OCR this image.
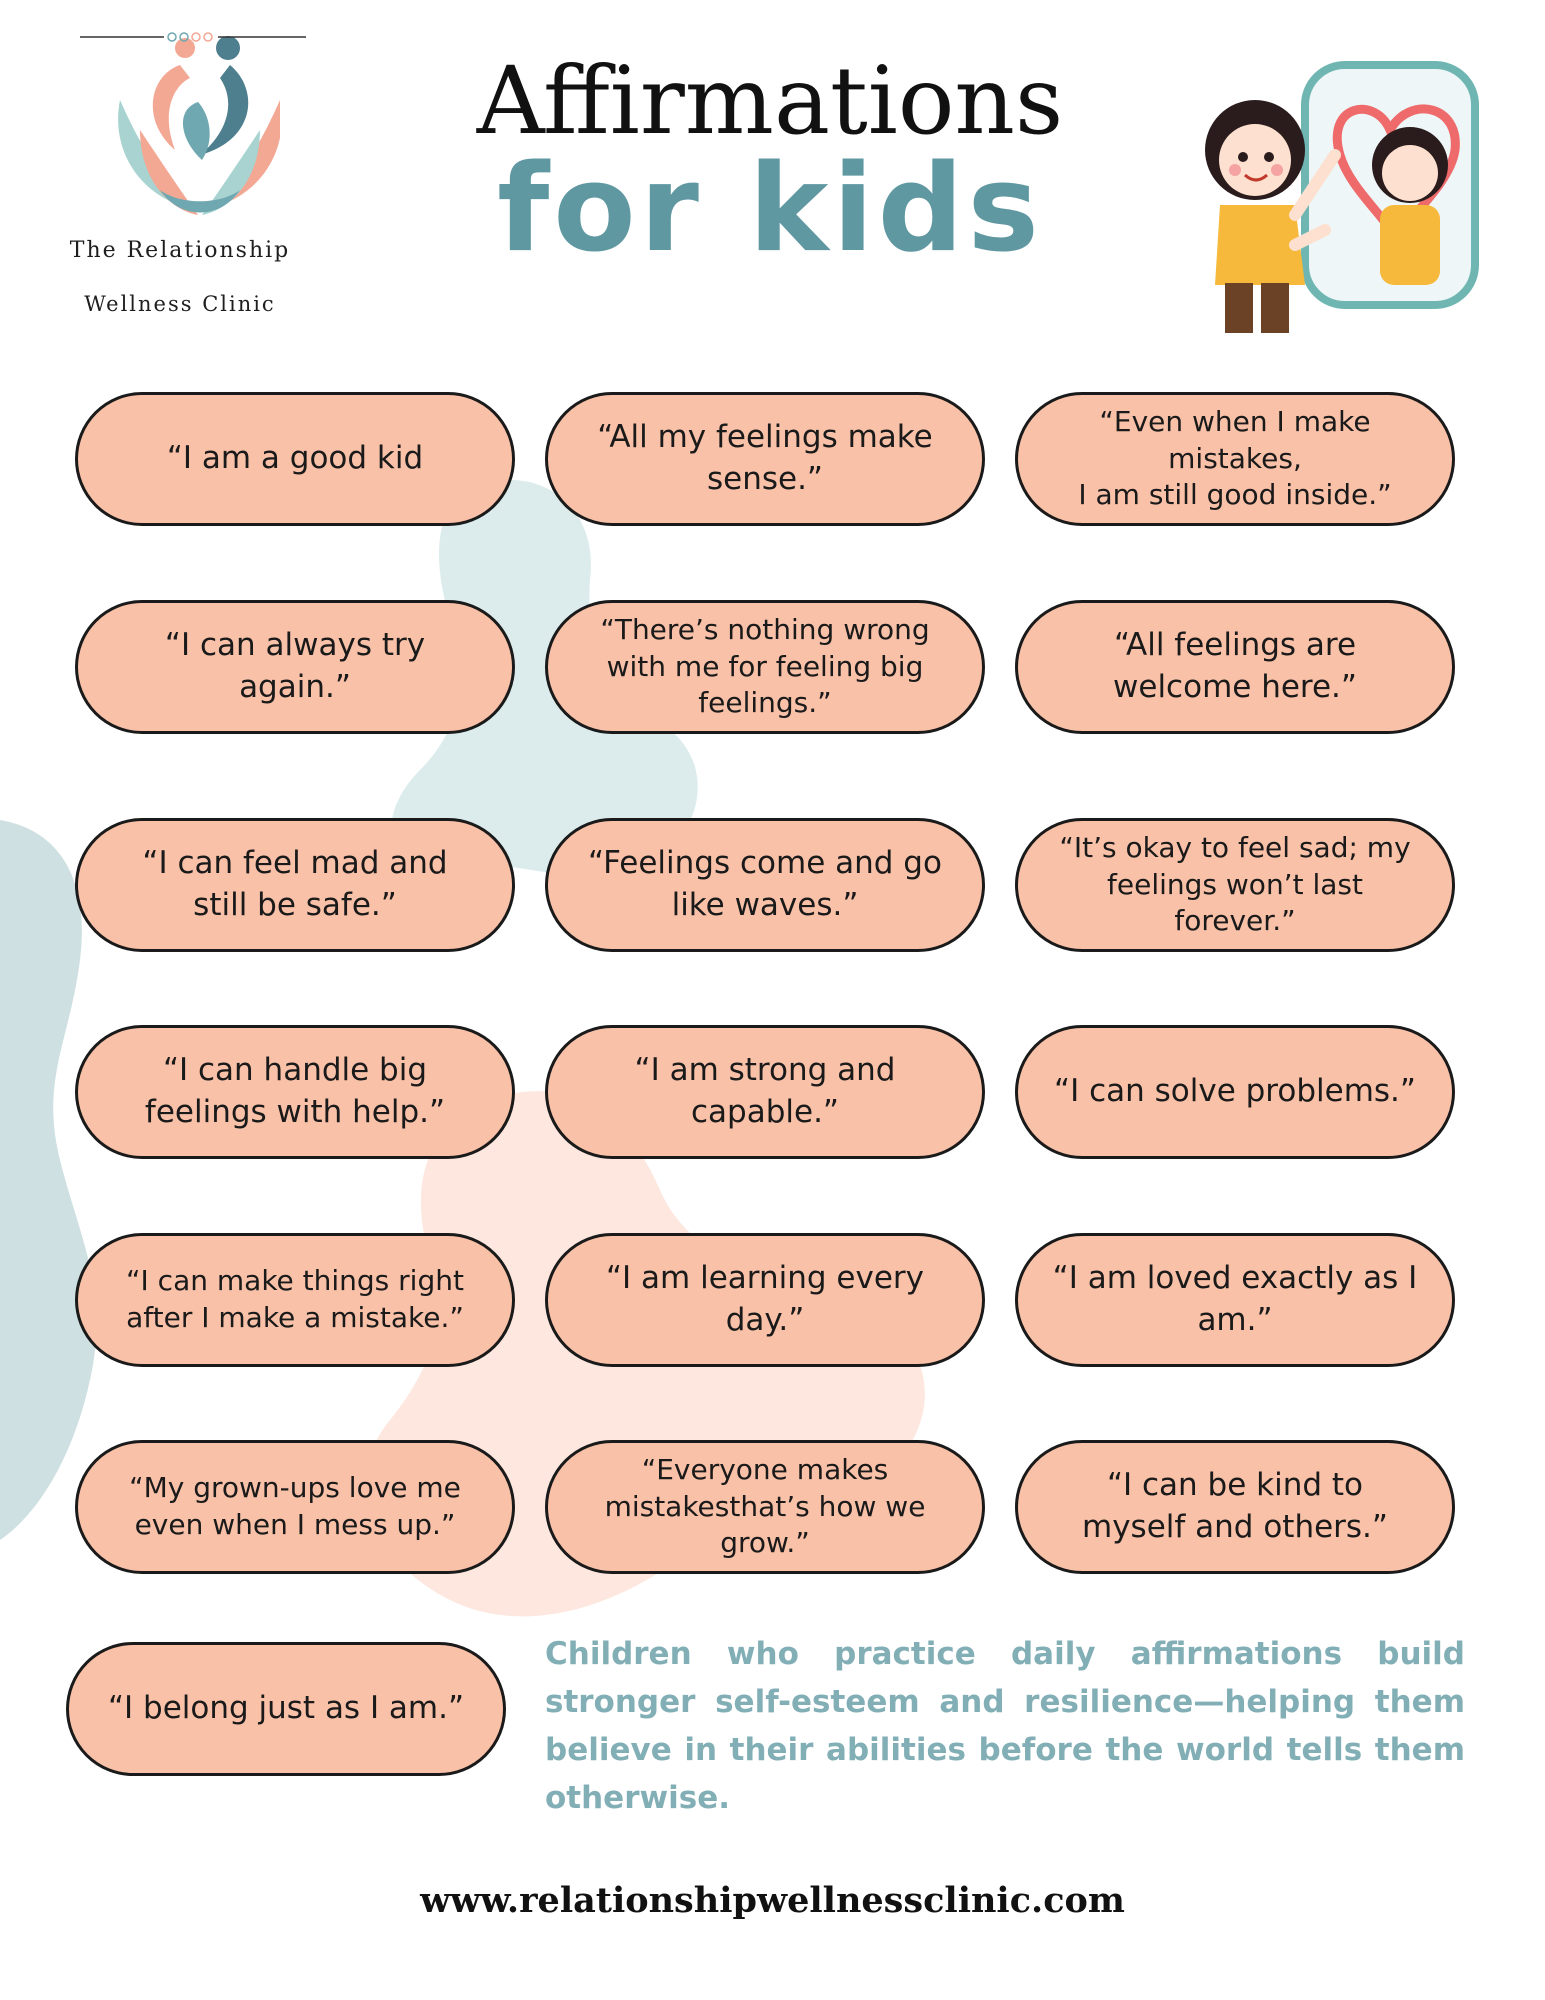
The Relationship
Wellness Clinic
Affirmations
for kids
“I am a good kid
“All my feelings make sense.”
“Even when I make mistakes,
I am still good inside.”
“I can always try again.”
“There’s nothing wrong with me for feeling big feelings.”
“All feelings are welcome here.”
“I can feel mad and still be safe.”
“Feelings come and go like waves.”
“It’s okay to feel sad; my feelings won’t last forever.”
“I can handle big feelings with help.”
“I am strong and capable.”
“I can solve problems.”
“I can make things right after I make a mistake.”
“I am learning every day.”
“I am loved exactly as I am.”
“My grown-ups love me even when I mess up.”
“Everyone makes mistakesthat’s how we grow.”
“I can be kind to myself and others.”
“I belong just as I am.”
Children who practice daily affirmations build stronger self-esteem and resilience—helping them believe in their abilities before the world tells them otherwise.
www.relationshipwellnessclinic.com
